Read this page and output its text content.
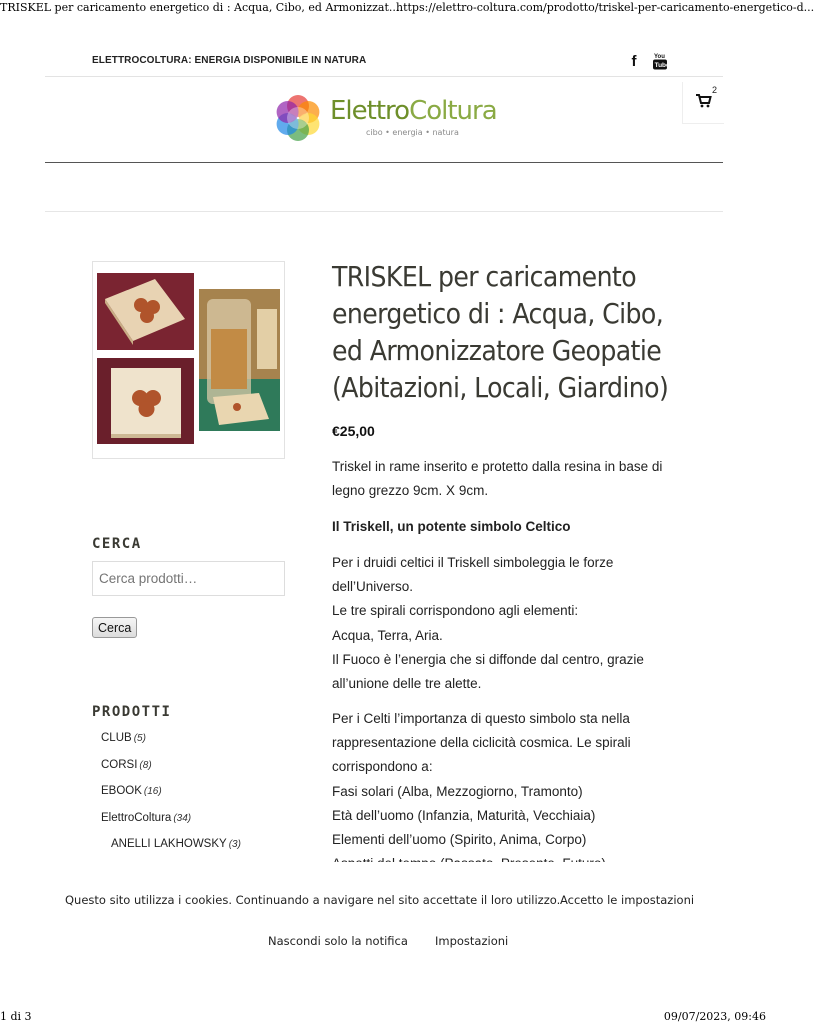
TRISKEL per caricamento energetico di : Acqua, Cibo, ed Armonizzat...
https://elettro-coltura.com/prodotto/triskel-per-caricamento-energetico-d...
ELETTROCOLTURA: ENERGIA DISPONIBILE IN NATURA	f	You
Tube
ElettroColtura
cibo • energia • natura
2
TRISKEL per caricamento energetico di : Acqua, Cibo, ed Armonizzatore Geopatie (Abitazioni, Locali, Giardino)
€25,00

Triskel in rame inserito e protetto dalla resina in base di legno grezzo 9cm. X 9cm.

Il Triskell, un potente simbolo Celtico

Per i druidi celtici il Triskell simboleggia le forze dell’Universo.
Le tre spirali corrispondono agli elementi:
Acqua, Terra, Aria.
Il Fuoco è l’energia che si diffonde dal centro, grazie all’unione delle tre alette.

Per i Celti l’importanza di questo simbolo sta nella rappresentazione della ciclicità cosmica. Le spirali corrispondono a:
Fasi solari (Alba, Mezzogiorno, Tramonto)
Età dell’uomo (Infanzia, Maturità, Vecchiaia)
Elementi dell’uomo (Spirito, Anima, Corpo)

CERCA
Cerca prodotti…
Cerca
PRODOTTI
CLUB (5)
CORSI (8)
EBOOK (16)
ElettroColtura (34)
ANELLI LAKHOWSKY (3)
Questo sito utilizza i cookies. Continuando a navigare nel sito accettate il loro utilizzo. Accetto le impostazioni
Nascondi solo la notifica Impostazioni
1 di 3	09/07/2023, 09:46
